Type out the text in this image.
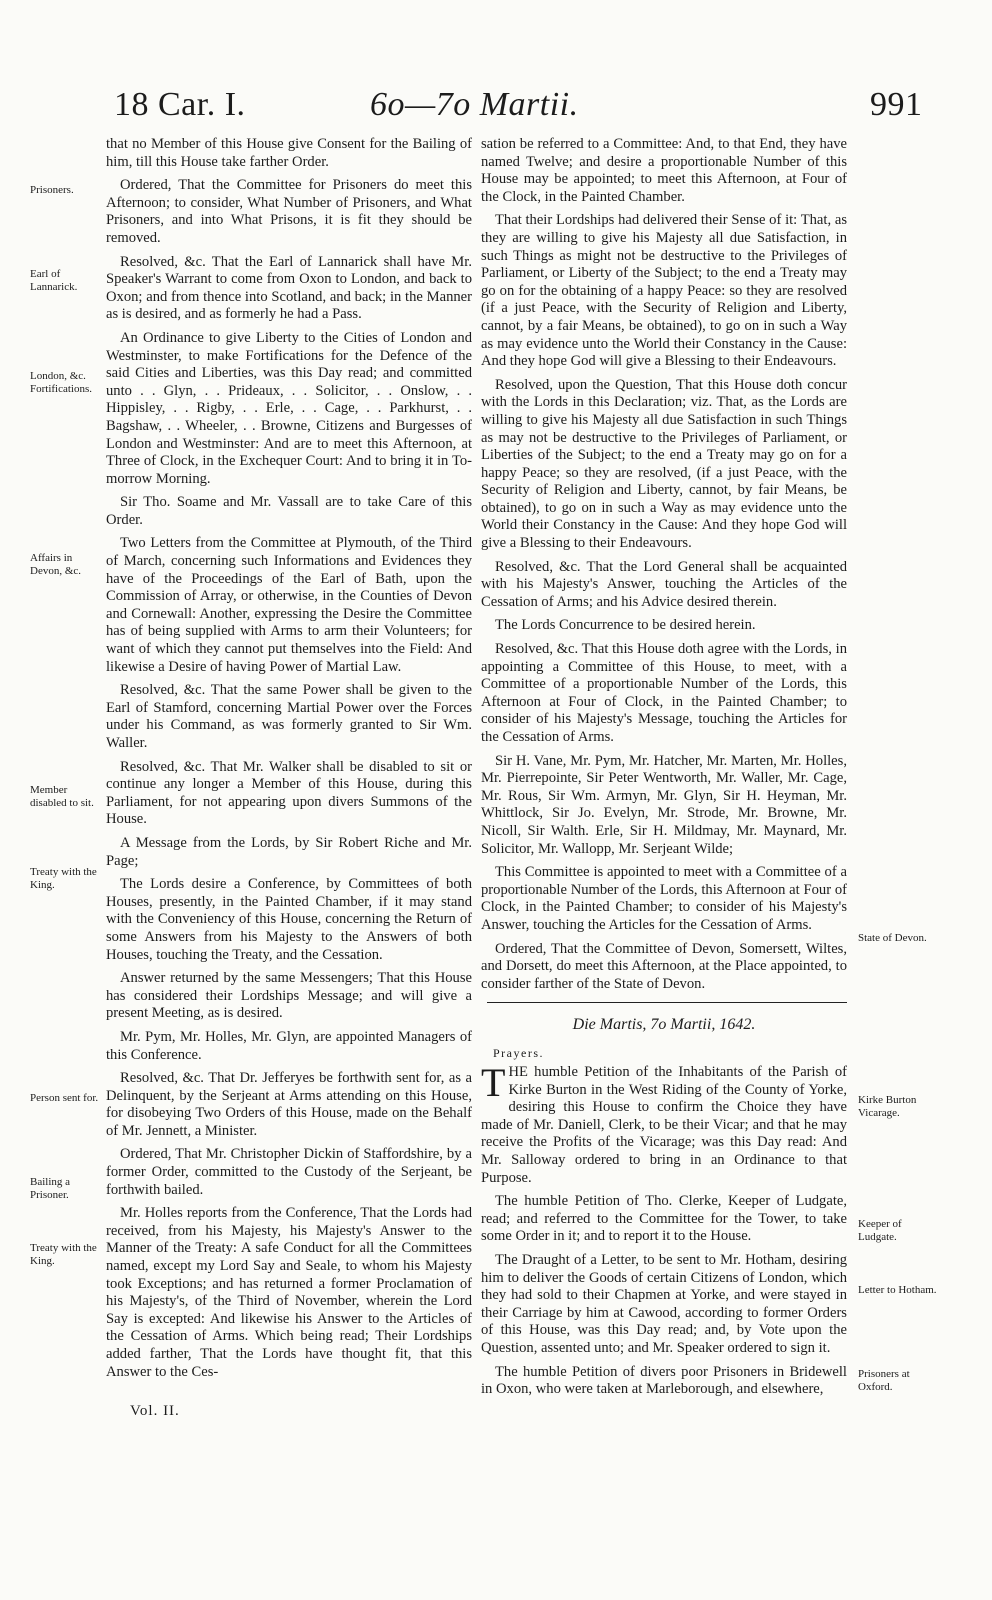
18 Car. I.	6o—7o Martii.	991

that no Member of this House give Consent for the Bailing of him, till this House take farther Order.

Ordered, That the Committee for Prisoners do meet this Afternoon; to consider, What Number of Prisoners, and What Prisoners, and into What Prisons, it is fit they should be removed.

Resolved, &c. That the Earl of Lannarick shall have Mr. Speaker's Warrant to come from Oxon to London, and back to Oxon; and from thence into Scotland, and back; in the Manner as is desired, and as formerly he had a Pass.

An Ordinance to give Liberty to the Cities of London and Westminster, to make Fortifications for the Defence of the said Cities and Liberties, was this Day read; and committed unto . . Glyn, . . Prideaux, . . Solicitor, . . Onslow, . . Hippisley, . . Rigby, . . Erle, . . Cage, . . Parkhurst, . . Bagshaw, . . Wheeler, . . Browne, Citizens and Burgesses of London and Westminster: And are to meet this Afternoon, at Three of Clock, in the Exchequer Court: And to bring it in To-morrow Morning.

Sir Tho. Soame and Mr. Vassall are to take Care of this Order.

Two Letters from the Committee at Plymouth, of the Third of March, concerning such Informations and Evidences they have of the Proceedings of the Earl of Bath, upon the Commission of Array, or otherwise, in the Counties of Devon and Cornewall: Another, expressing the Desire the Committee has of being supplied with Arms to arm their Volunteers; for want of which they cannot put themselves into the Field: And likewise a Desire of having Power of Martial Law.

Resolved, &c. That the same Power shall be given to the Earl of Stamford, concerning Martial Power over the Forces under his Command, as was formerly granted to Sir Wm. Waller.

Resolved, &c. That Mr. Walker shall be disabled to sit or continue any longer a Member of this House, during this Parliament, for not appearing upon divers Summons of the House.

A Message from the Lords, by Sir Robert Riche and Mr. Page;

The Lords desire a Conference, by Committees of both Houses, presently, in the Painted Chamber, if it may stand with the Conveniency of this House, concerning the Return of some Answers from his Majesty to the Answers of both Houses, touching the Treaty, and the Cessation.

Answer returned by the same Messengers; That this House has considered their Lordships Message; and will give a present Meeting, as is desired.

Mr. Pym, Mr. Holles, Mr. Glyn, are appointed Managers of this Conference.

Resolved, &c. That Dr. Jefferyes be forthwith sent for, as a Delinquent, by the Serjeant at Arms attending on this House, for disobeying Two Orders of this House, made on the Behalf of Mr. Jennett, a Minister.

Ordered, That Mr. Christopher Dickin of Staffordshire, by a former Order, committed to the Custody of the Serjeant, be forthwith bailed.

Mr. Holles reports from the Conference, That the Lords had received, from his Majesty, his Majesty's Answer to the Manner of the Treaty: A safe Conduct for all the Committees named, except my Lord Say and Seale, to whom his Majesty took Exceptions; and has returned a former Proclamation of his Majesty's, of the Third of November, wherein the Lord Say is excepted: And likewise his Answer to the Articles of the Cessation of Arms. Which being read; Their Lordships added farther, That the Lords have thought fit, that this Answer to the Ces-

Prisoners.
Earl of Lannarick.
London, &c. Fortifications.
Affairs in Devon, &c.
Member disabled to sit.
Treaty with the King.
Person sent for.
Bailing a Prisoner.
Treaty with the King.

sation be referred to a Committee: And, to that End, they have named Twelve; and desire a proportionable Number of this House may be appointed; to meet this Afternoon, at Four of the Clock, in the Painted Chamber.

That their Lordships had delivered their Sense of it: That, as they are willing to give his Majesty all due Satisfaction, in such Things as might not be destructive to the Privileges of Parliament, or Liberty of the Subject; to the end a Treaty may go on for the obtaining of a happy Peace: so they are resolved (if a just Peace, with the Security of Religion and Liberty, cannot, by a fair Means, be obtained), to go on in such a Way as may evidence unto the World their Constancy in the Cause: And they hope God will give a Blessing to their Endeavours.

Resolved, upon the Question, That this House doth concur with the Lords in this Declaration; viz. That, as the Lords are willing to give his Majesty all due Satisfaction in such Things as may not be destructive to the Privileges of Parliament, or Liberties of the Subject; to the end a Treaty may go on for a happy Peace; so they are resolved, (if a just Peace, with the Security of Religion and Liberty, cannot, by fair Means, be obtained), to go on in such a Way as may evidence unto the World their Constancy in the Cause: And they hope God will give a Blessing to their Endeavours.

Resolved, &c. That the Lord General shall be acquainted with his Majesty's Answer, touching the Articles of the Cessation of Arms; and his Advice desired therein.

The Lords Concurrence to be desired herein.

Resolved, &c. That this House doth agree with the Lords, in appointing a Committee of this House, to meet, with a Committee of a proportionable Number of the Lords, this Afternoon at Four of Clock, in the Painted Chamber; to consider of his Majesty's Message, touching the Articles for the Cessation of Arms.

Sir H. Vane, Mr. Pym, Mr. Hatcher, Mr. Marten, Mr. Holles, Mr. Pierrepointe, Sir Peter Wentworth, Mr. Waller, Mr. Cage, Mr. Rous, Sir Wm. Armyn, Mr. Glyn, Sir H. Heyman, Mr. Whittlock, Sir Jo. Evelyn, Mr. Strode, Mr. Browne, Mr. Nicoll, Sir Walth. Erle, Sir H. Mildmay, Mr. Maynard, Mr. Solicitor, Mr. Wallopp, Mr. Serjeant Wilde;

This Committee is appointed to meet with a Committee of a proportionable Number of the Lords, this Afternoon at Four of Clock, in the Painted Chamber; to consider of his Majesty's Answer, touching the Articles for the Cessation of Arms.

Ordered, That the Committee of Devon, Somersett, Wiltes, and Dorsett, do meet this Afternoon, at the Place appointed, to consider farther of the State of Devon.

Die Martis, 7o Martii, 1642.
Prayers.

THE humble Petition of the Inhabitants of the Parish of Kirke Burton in the West Riding of the County of Yorke, desiring this House to confirm the Choice they have made of Mr. Daniell, Clerk, to be their Vicar; and that he may receive the Profits of the Vicarage; was this Day read: And Mr. Salloway ordered to bring in an Ordinance to that Purpose.

The humble Petition of Tho. Clerke, Keeper of Ludgate, read; and referred to the Committee for the Tower, to take some Order in it; and to report it to the House.

The Draught of a Letter, to be sent to Mr. Hotham, desiring him to deliver the Goods of certain Citizens of London, which they had sold to their Chapmen at Yorke, and were stayed in their Carriage by him at Cawood, according to former Orders of this House, was this Day read; and, by Vote upon the Question, assented unto; and Mr. Speaker ordered to sign it.

The humble Petition of divers poor Prisoners in Bridewell in Oxon, who were taken at Marleborough, and elsewhere,

State of Devon.
Kirke Burton Vicarage.
Keeper of Ludgate.
Letter to Hotham.
Prisoners at Oxford.
Vol. II.
